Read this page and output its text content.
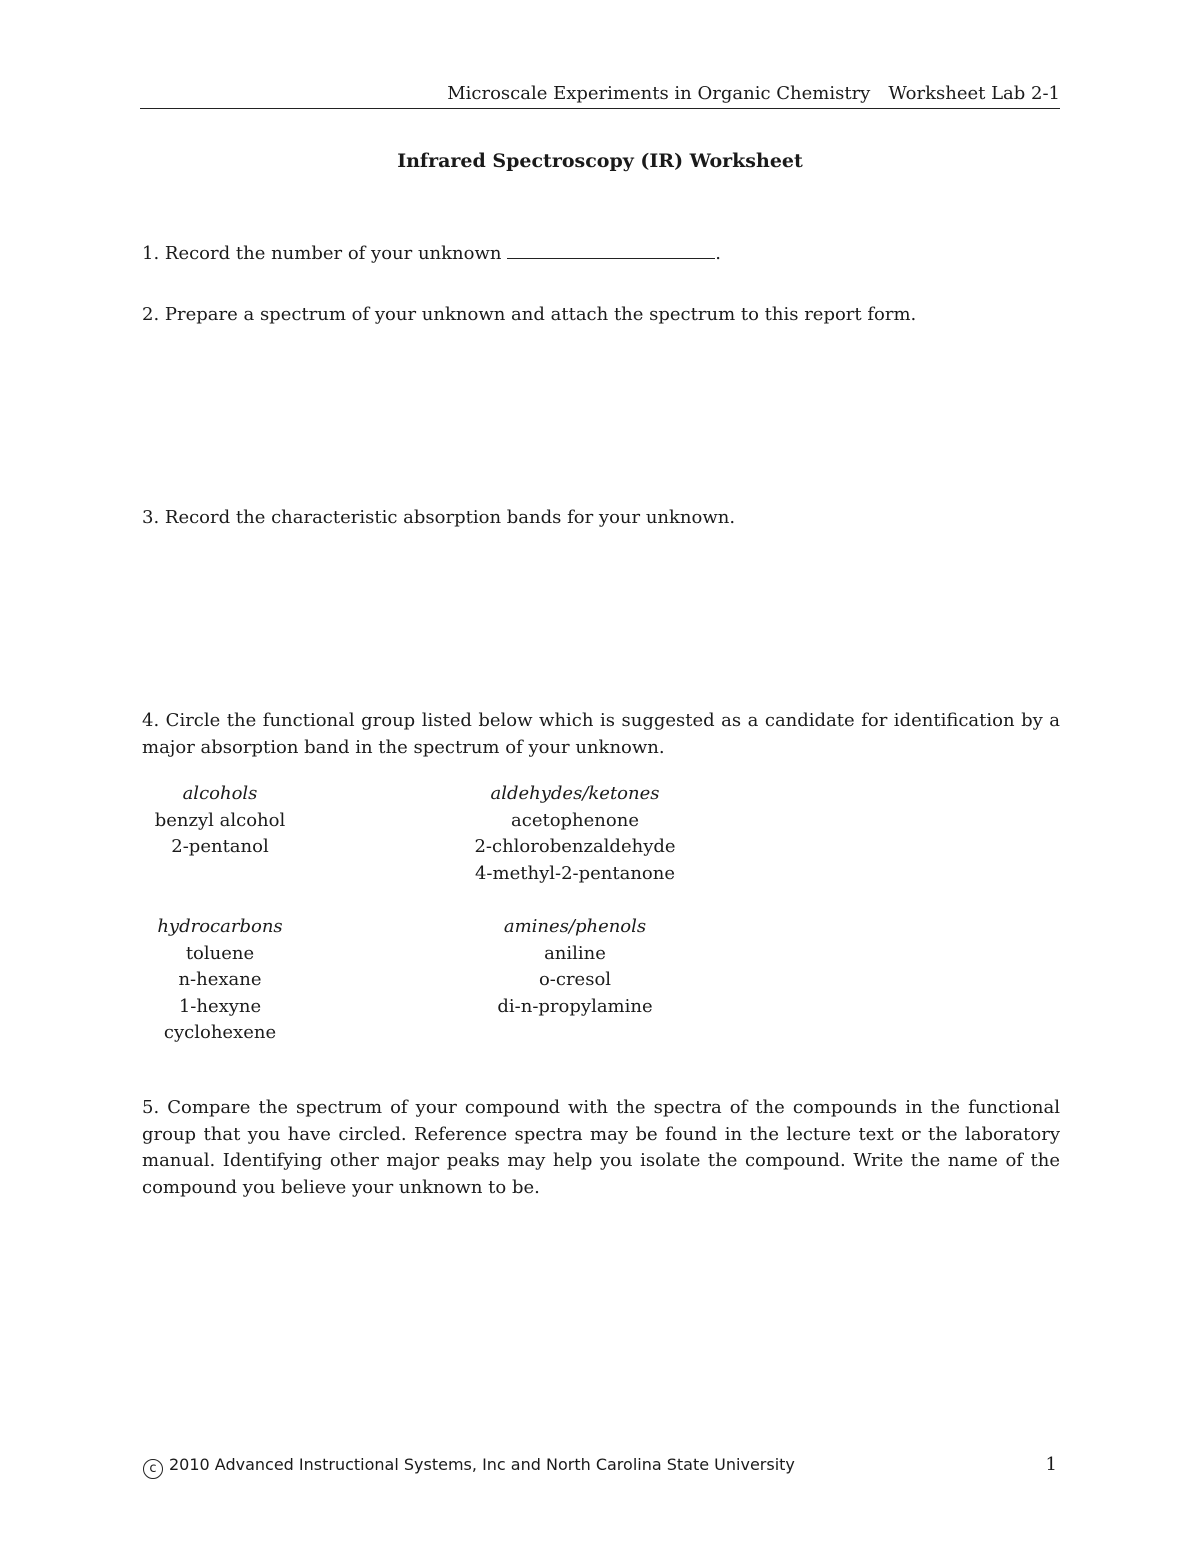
Microscale Experiments in Organic Chemistry Worksheet Lab 2-1
Infrared Spectroscopy (IR) Worksheet
1. Record the number of your unknown	.
2. Prepare a spectrum of your unknown and attach the spectrum to this report form.
3. Record the characteristic absorption bands for your unknown.
4. Circle the functional group listed below which is suggested as a candidate for identification by a major absorption band in the spectrum of your unknown.
alcohols
benzyl alcohol
2-pentanol
aldehydes/ketones
acetophenone
2-chlorobenzaldehyde
4-methyl-2-pentanone
hydrocarbons
toluene
n-hexane
1-hexyne
cyclohexene
amines/phenols
aniline
o-cresol
di-n-propylamine
5. Compare the spectrum of your compound with the spectra of the compounds in the functional group that you have circled. Reference spectra may be found in the lecture text or the laboratory manual. Identifying other major peaks may help you isolate the compound. Write the name of the compound you believe your unknown to be.
c 2010 Advanced Instructional Systems, Inc and North Carolina State University	1
